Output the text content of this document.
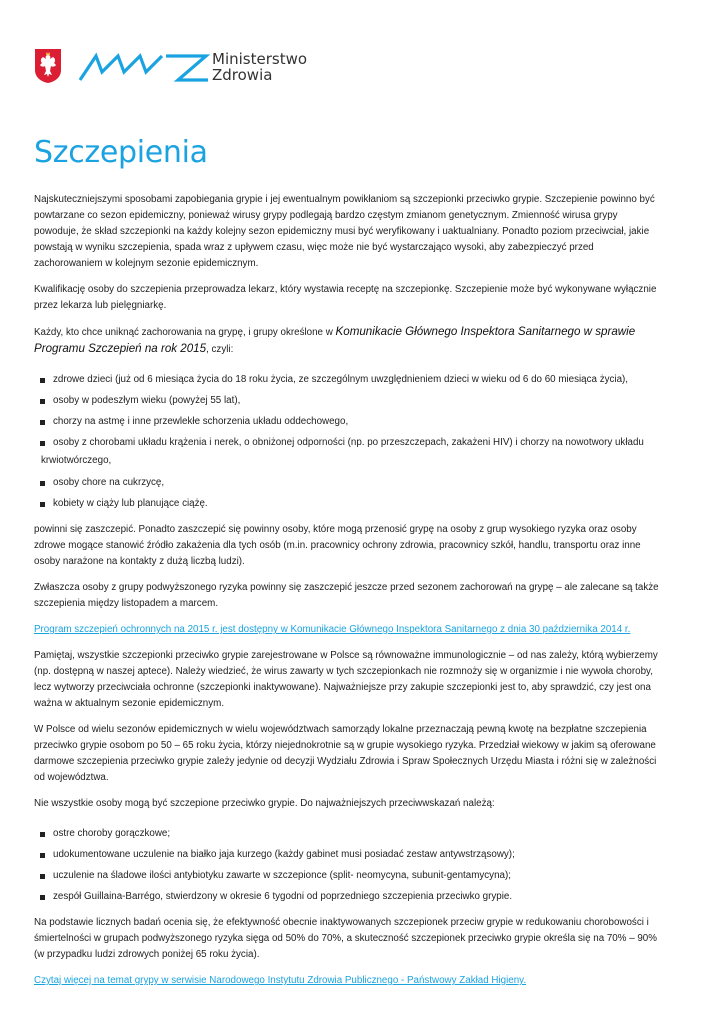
Ministerstwo
Zdrowia
Szczepienia

Najskuteczniejszymi sposobami zapobiegania grypie i jej ewentualnym powikłaniom są szczepionki przeciwko grypie. Szczepienie powinno być powtarzane co sezon epidemiczny, ponieważ wirusy grypy podlegają bardzo częstym zmianom genetycznym. Zmienność wirusa grypy powoduje, że skład szczepionki na każdy kolejny sezon epidemiczny musi być weryfikowany i uaktualniany. Ponadto poziom przeciwciał, jakie powstają w wyniku szczepienia, spada wraz z upływem czasu, więc może nie być wystarczająco wysoki, aby zabezpieczyć przed zachorowaniem w kolejnym sezonie epidemicznym.

Kwalifikację osoby do szczepienia przeprowadza lekarz, który wystawia receptę na szczepionkę. Szczepienie może być wykonywane wyłącznie przez lekarza lub pielęgniarkę.

Każdy, kto chce uniknąć zachorowania na grypę, i grupy określone w Komunikacie Głównego Inspektora Sanitarnego w sprawie Programu Szczepień na rok 2015, czyli:

zdrowe dzieci (już od 6 miesiąca życia do 18 roku życia, ze szczególnym uwzględnieniem dzieci w wieku od 6 do 60 miesiąca życia),
osoby w podeszłym wieku (powyżej 55 lat),
chorzy na astmę i inne przewlekłe schorzenia układu oddechowego,
osoby z chorobami układu krążenia i nerek, o obniżonej odporności (np. po przeszczepach, zakażeni HIV) i chorzy na nowotwory układu
krwiotwórczego,
osoby chore na cukrzycę,
kobiety w ciąży lub planujące ciążę.

powinni się zaszczepić. Ponadto zaszczepić się powinny osoby, które mogą przenosić grypę na osoby z grup wysokiego ryzyka oraz osoby zdrowe mogące stanowić źródło zakażenia dla tych osób (m.in. pracownicy ochrony zdrowia, pracownicy szkół, handlu, transportu oraz inne osoby narażone na kontakty z dużą liczbą ludzi).

Zwłaszcza osoby z grupy podwyższonego ryzyka powinny się zaszczepić jeszcze przed sezonem zachorowań na grypę – ale zalecane są także szczepienia między listopadem a marcem.

Program szczepień ochronnych na 2015 r. jest dostępny w Komunikacie Głównego Inspektora Sanitarnego z dnia 30 października 2014 r.

Pamiętaj, wszystkie szczepionki przeciwko grypie zarejestrowane w Polsce są równoważne immunologicznie – od nas zależy, którą wybierzemy (np. dostępną w naszej aptece). Należy wiedzieć, że wirus zawarty w tych szczepionkach nie rozmnoży się w organizmie i nie wywoła choroby, lecz wytworzy przeciwciała ochronne (szczepionki inaktywowane). Najważniejsze przy zakupie szczepionki jest to, aby sprawdzić, czy jest ona ważna w aktualnym sezonie epidemicznym.

W Polsce od wielu sezonów epidemicznych w wielu województwach samorządy lokalne przeznaczają pewną kwotę na bezpłatne szczepienia przeciwko grypie osobom po 50 – 65 roku życia, którzy niejednokrotnie są w grupie wysokiego ryzyka. Przedział wiekowy w jakim są oferowane darmowe szczepienia przeciwko grypie zależy jedynie od decyzji Wydziału Zdrowia i Spraw Społecznych Urzędu Miasta i różni się w zależności od województwa.

Nie wszystkie osoby mogą być szczepione przeciwko grypie. Do najważniejszych przeciwwskazań należą:

ostre choroby gorączkowe;
udokumentowane uczulenie na białko jaja kurzego (każdy gabinet musi posiadać zestaw antywstrząsowy);
uczulenie na śladowe ilości antybiotyku zawarte w szczepionce (split- neomycyna, subunit-gentamycyna);
zespół Guillaina-Barrégo, stwierdzony w okresie 6 tygodni od poprzedniego szczepienia przeciwko grypie.

Na podstawie licznych badań ocenia się, że efektywność obecnie inaktywowanych szczepionek przeciw grypie w redukowaniu chorobowości i śmiertelności w grupach podwyższonego ryzyka sięga od 50% do 70%, a skuteczność szczepionek przeciwko grypie określa się na 70% – 90% (w przypadku ludzi zdrowych poniżej 65 roku życia).

Czytaj więcej na temat grypy w serwisie Narodowego Instytutu Zdrowia Publicznego - Państwowy Zakład Higieny.
